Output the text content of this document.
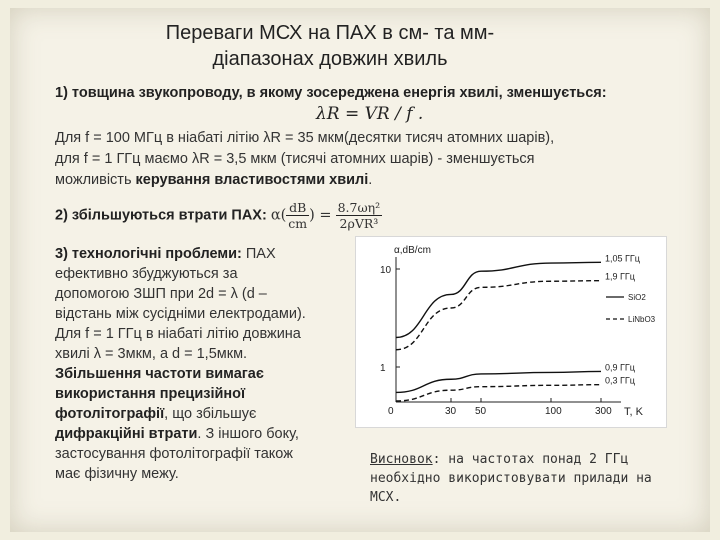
Переваги МСХ на ПАХ в см- та мм-
діапазонах довжин хвиль
1) товщина звукопроводу, в якому зосереджена енергія хвилі, зменшується:
λR = VR / f .
Для f = 100 МГц в ніабаті літію λR = 35 мкм(десятки тисяч атомних шарів),
для f = 1 ГГц маємо λR = 3,5 мкм (тисячі атомних шарів) - зменшується
можливість керування властивостями хвилі.
2) збільшуються втрати ПАХ: $\alpha( \frac{dB}{cm}$ ) = $\frac{\text{8.7ωη²}}{\text{2ρVR³}}$
3) технологічні проблеми: ПАХ
ефективно збуджуються за
допомогою ЗШП при 2d = λ (d –
відстань між сусідніми електродами).
Для f = 1 ГГц в ніабаті літію довжина
хвилі λ = 3мкм, а d = 1,5мкм.
Збільшення частоти вимагає
використання прецизійної
фотолітографії, що збільшує
дифракційні втрати. З іншого боку,
застосування фотолітографії також
має фізичну межу.
α,dB/cm
T, K
0	30 50	100	300
10
1
1,05 ГГц
1,9 ГГц
0,9 ГГц
0,3 ГГц
SiO2
LiNbO3
Висновок: на частотах понад 2 ГГц
необхідно використовувати прилади на
МСХ.
